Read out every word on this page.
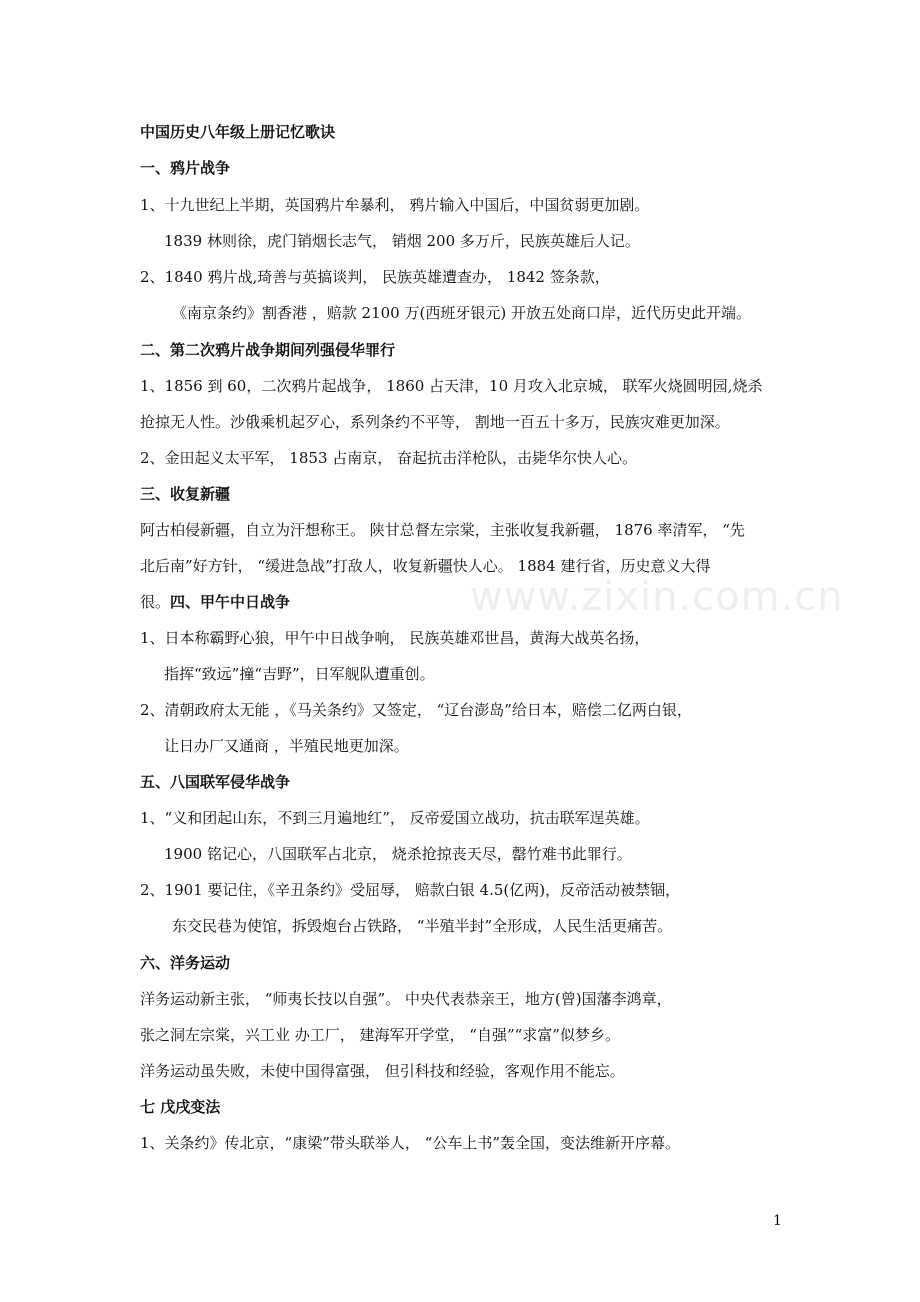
中国历史八年级上册记忆歌诀
一、鸦片战争
1、十九世纪上半期，英国鸦片牟暴利， 鸦片输入中国后，中国贫弱更加剧。
1839 林则徐，虎门销烟长志气， 销烟 200 多万斤，民族英雄后人记。
2、1840 鸦片战,琦善与英搞谈判， 民族英雄遭查办， 1842 签条款，
《南京条约》割香港 ，赔款 2100 万(西班牙银元) 开放五处商口岸，近代历史此开端。
二、第二次鸦片战争期间列强侵华罪行
1、1856 到 60，二次鸦片起战争， 1860 占天津，10 月攻入北京城， 联军火烧圆明园,烧杀
抢掠无人性。沙俄乘机起歹心，系列条约不平等， 割地一百五十多万，民族灾难更加深。
2、金田起义太平军， 1853 占南京， 奋起抗击洋枪队，击毙华尔快人心。
三、收复新疆
阿古柏侵新疆，自立为汗想称王。 陕甘总督左宗棠，主张收复我新疆， 1876 率清军， “先
北后南”好方针， “缓进急战”打敌人，收复新疆快人心。 1884 建行省，历史意义大得
很。四、甲午中日战争
1、日本称霸野心狼，甲午中日战争响， 民族英雄邓世昌，黄海大战英名扬，
指挥“致远”撞“吉野”，日军舰队遭重创。
2、清朝政府太无能 ，《马关条约》又签定， “辽台澎岛”给日本，赔偿二亿两白银，
让日办厂又通商 ，半殖民地更加深。
五、八国联军侵华战争
1、“义和团起山东，不到三月遍地红”， 反帝爱国立战功，抗击联军逞英雄。
1900 铭记心，八国联军占北京， 烧杀抢掠丧天尽，罄竹难书此罪行。
2、1901 要记住，《辛丑条约》受屈辱， 赔款白银 4.5(亿两)，反帝活动被禁锢，
东交民巷为使馆，拆毁炮台占铁路， “半殖半封”全形成，人民生活更痛苦。
六、洋务运动
洋务运动新主张， “师夷长技以自强”。 中央代表恭亲王，地方(曾)国藩李鸿章，
张之洞左宗棠，兴工业 办工厂， 建海军开学堂， “自强”“求富”似梦乡。
洋务运动虽失败，未使中国得富强， 但引科技和经验，客观作用不能忘。
七 戊戌变法
1、关条约》传北京，“康梁”带头联举人， “公车上书”轰全国，变法维新开序幕。
www.zixin.com.cn
1
